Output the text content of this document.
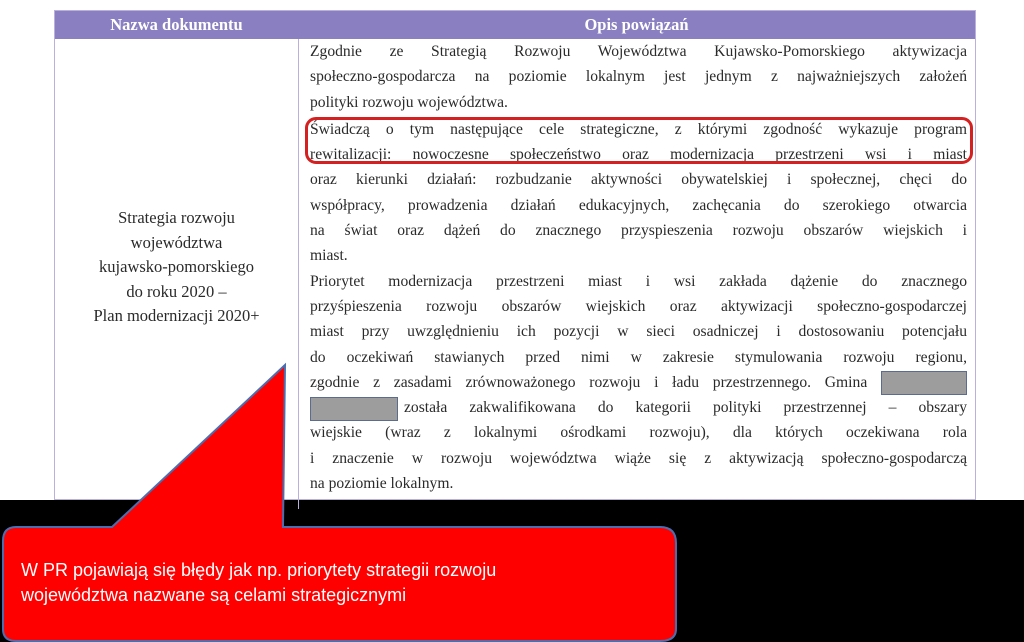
Nazwa dokumentu	Opis powiązań
Strategia rozwoju
województwa
kujawsko-pomorskiego
do roku 2020 –
Plan modernizacji 2020+
Zgodnie ze Strategią Rozwoju Województwa Kujawsko-Pomorskiego aktywizacja
społeczno-gospodarcza na poziomie lokalnym jest jednym z najważniejszych założeń
polityki rozwoju województwa.
Świadczą o tym następujące cele strategiczne, z którymi zgodność wykazuje program
rewitalizacji: nowoczesne społeczeństwo oraz modernizacja przestrzeni wsi i miast
oraz kierunki działań: rozbudzanie aktywności obywatelskiej i społecznej, chęci do
współpracy, prowadzenia działań edukacyjnych, zachęcania do szerokiego otwarcia
na świat oraz dążeń do znacznego przyspieszenia rozwoju obszarów wiejskich i
miast.
Priorytet modernizacja przestrzeni miast i wsi zakłada dążenie do znacznego
przyśpieszenia rozwoju obszarów wiejskich oraz aktywizacji społeczno-gospodarczej
miast przy uwzględnieniu ich pozycji w sieci osadniczej i dostosowaniu potencjału
do oczekiwań stawianych przed nimi w zakresie stymulowania rozwoju regionu,
zgodnie z zasadami zrównoważonego rozwoju i ładu przestrzennego. Gmina
została zakwalifikowana do kategorii polityki przestrzennej – obszary
wiejskie (wraz z lokalnymi ośrodkami rozwoju), dla których oczekiwana rola
i znaczenie w rozwoju województwa wiąże się z aktywizacją społeczno-gospodarczą
na poziomie lokalnym.
W PR pojawiają się błędy jak np. priorytety strategii rozwoju
województwa nazwane są celami strategicznymi
